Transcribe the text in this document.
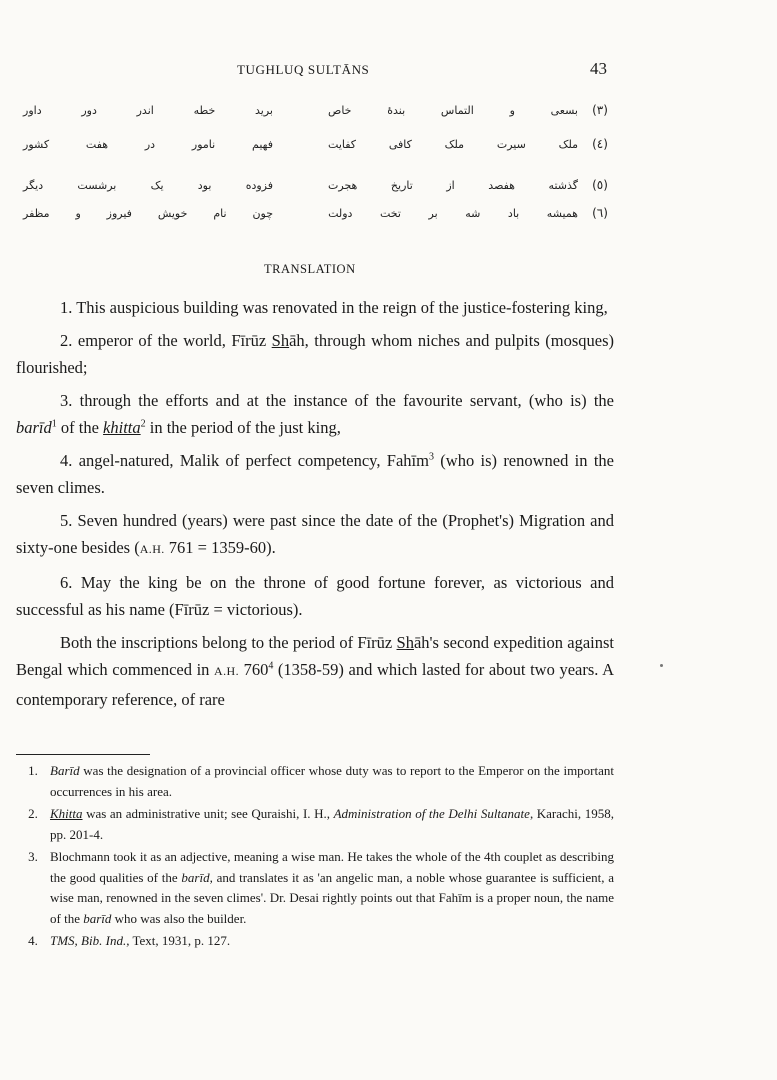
TUGHLUQ SULTĀNS	43
(٣)
بسعی
و
التماس
بندهٔ
خاص
برید
خطه
اندر
دور
داور
(٤)
ملک
سیرت
ملک
کافی
کفایت
فهیم
نامور
در
هفت
کشور
(٥)
گذشته
هفصد
از
تاریخ
هجرت
فزوده
بود
یک
برشست
دیگر
(٦)
همیشه
باد
شه
بر
تخت
دولت
چون
نام
خویش
فیروز
و
مظفر
TRANSLATION

1. This auspicious building was renovated in the reign of the justice-fostering king,

2. emperor of the world, Fīrūz Shāh, through whom niches and pulpits (mosques) flourished;

3. through the efforts and at the instance of the favourite servant, (who is) the barīd$^1$ of the khitta$^2$ in the period of the just king,

4. angel-natured, Malik of perfect competency, Fahīm$^3$ (who is) renowned in the seven climes.

5. Seven hundred (years) were past since the date of the (Prophet's) Migration and sixty-one besides (A.H. 761 = 1359-60).

6. May the king be on the throne of good fortune forever, as victorious and successful as his name (Fīrūz = victorious).

Both the inscriptions belong to the period of Fīrūz Shāh's second expedition against Bengal which commenced in A.H. $760^4$ (1358-59) and which lasted for about two years. A contemporary reference, of rare

1. Barīd was the designation of a provincial officer whose duty was to report to the Emperor on the important occurrences in his area.
2. Khitta was an administrative unit; see Quraishi, I. H., Administration of the Delhi Sultanate, Karachi, 1958, pp. 201-4.
3. Blochmann took it as an adjective, meaning a wise man. He takes the whole of the 4th couplet as describing the good qualities of the barīd, and translates it as 'an angelic man, a noble whose guarantee is sufficient, a wise man, renowned in the seven climes'. Dr. Desai rightly points out that Fahīm is a proper noun, the name of the barīd who was also the builder.
4. TMS, Bib. Ind., Text, 1931, p. 127.
